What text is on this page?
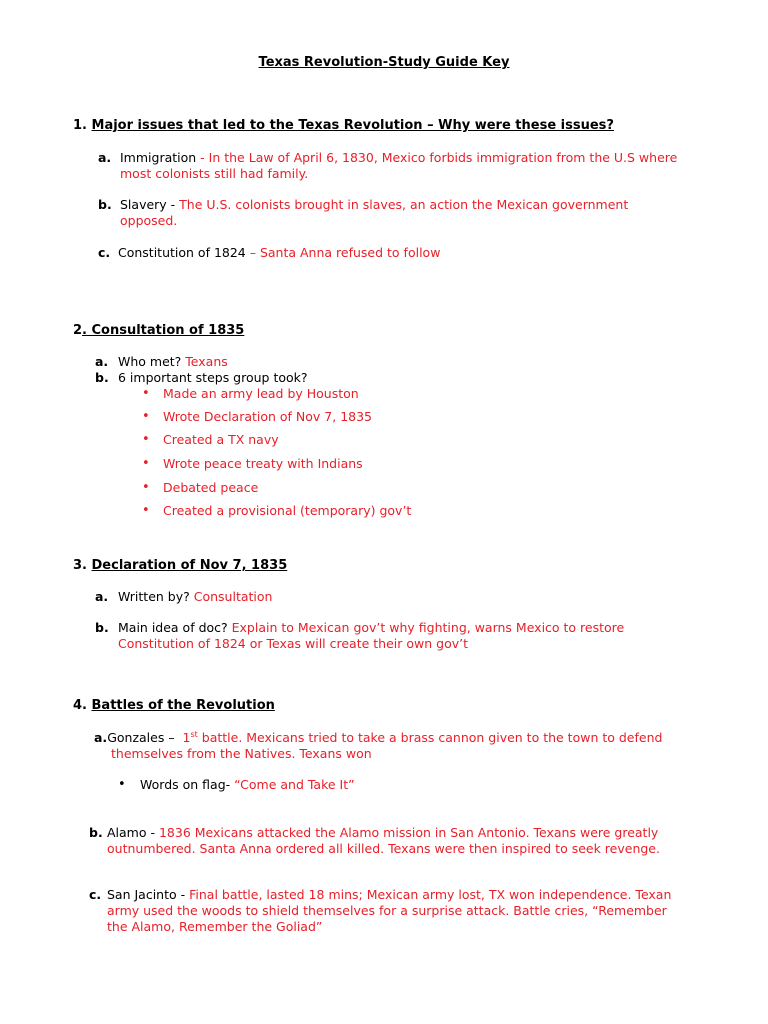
Texas Revolution-Study Guide Key
1. Major issues that led to the Texas Revolution – Why were these issues?
a. Immigration - In the Law of April 6, 1830, Mexico forbids immigration from the U.S where
most colonists still had family.
b. Slavery - The U.S. colonists brought in slaves, an action the Mexican government
opposed.
c. Constitution of 1824 – Santa Anna refused to follow
2. Consultation of 1835
a. Who met? Texans
b. 6 important steps group took?
• Made an army lead by Houston
• Wrote Declaration of Nov 7, 1835
• Created a TX navy
• Wrote peace treaty with Indians
• Debated peace
• Created a provisional (temporary) gov’t
3. Declaration of Nov 7, 1835
a. Written by? Consultation
b. Main idea of doc? Explain to Mexican gov’t why fighting, warns Mexico to restore
Constitution of 1824 or Texas will create their own gov’t
4. Battles of the Revolution
a.Gonzales –  1st battle. Mexicans tried to take a brass cannon given to the town to defend
themselves from the Natives. Texans won
• Words on flag- “Come and Take It”
b. Alamo - 1836 Mexicans attacked the Alamo mission in San Antonio. Texans were greatly
outnumbered. Santa Anna ordered all killed. Texans were then inspired to seek revenge.
c. San Jacinto - Final battle, lasted 18 mins; Mexican army lost, TX won independence. Texan
army used the woods to shield themselves for a surprise attack. Battle cries, “Remember
the Alamo, Remember the Goliad”
